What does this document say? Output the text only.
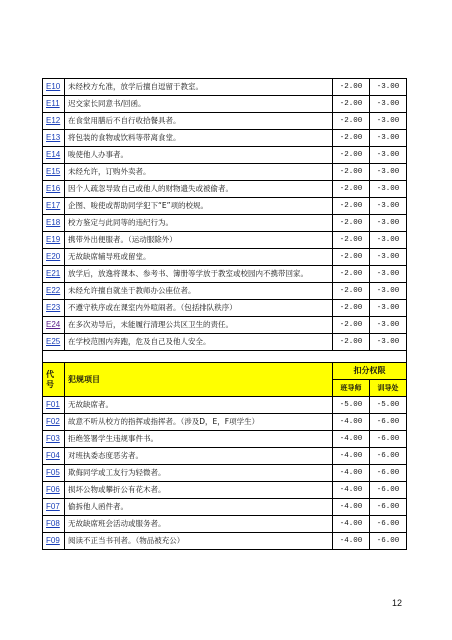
E10	未经校方允准，放学后擅自逗留于教室。	-2.00	-3.00
E11	迟交家长同意书/回函。	-2.00	-3.00
E12	在食堂用膳后不自行收拾餐具者。	-2.00	-3.00
E13	将包装的食物或饮料等带离食堂。	-2.00	-3.00
E14	唆使他人办事者。	-2.00	-3.00
E15	未经允许，订购外卖者。	-2.00	-3.00
E16	因个人疏忽导致自己或他人的财物遗失或被偷者。	-2.00	-3.00
E17	企图、唆使或帮助同学犯下“E”项的校规。	-2.00	-3.00
E18	校方鉴定与此同等的违纪行为。	-2.00	-3.00
E19	携带外出便服者。（运动服除外）	-2.00	-3.00
E20	无故缺席辅导班或留堂。	-2.00	-3.00
E21	放学后，放逸将课本、参考书、簿册等学放于教室或校园内不携带回家。	-2.00	-3.00
E22	未经允许擅自就坐于教师办公座位者。	-2.00	-3.00
E23	不遵守秩序或在课室内外喧闹者。（包括排队秩序）	-2.00	-3.00
E24	在多次劝导后，未能履行清理公共区卫生的责任。	-2.00	-3.00
E25	在学校范围内奔跑，危及自己及他人安全。	-2.00	-3.00

代号	犯规项目	扣分权限	
		班导师	训导处
F01	无故缺席者。	-5.00	-5.00
F02	故意不听从校方的指挥或指挥者。（涉及D，E，F项学生）	-4.00	-6.00
F03	拒绝签署学生违规事件书。	-4.00	-6.00
F04	对班执委态度恶劣者。	-4.00	-6.00
F05	欺侮同学或工友行为轻微者。	-4.00	-6.00
F06	损坏公物或攀折公有花木者。	-4.00	-6.00
F07	偷拆他人函件者。	-4.00	-6.00
F08	无故缺席班会活动或服务者。	-4.00	-6.00
F09	阅读不正当书刊者。（物品被充公）	-4.00	-6.00
12
